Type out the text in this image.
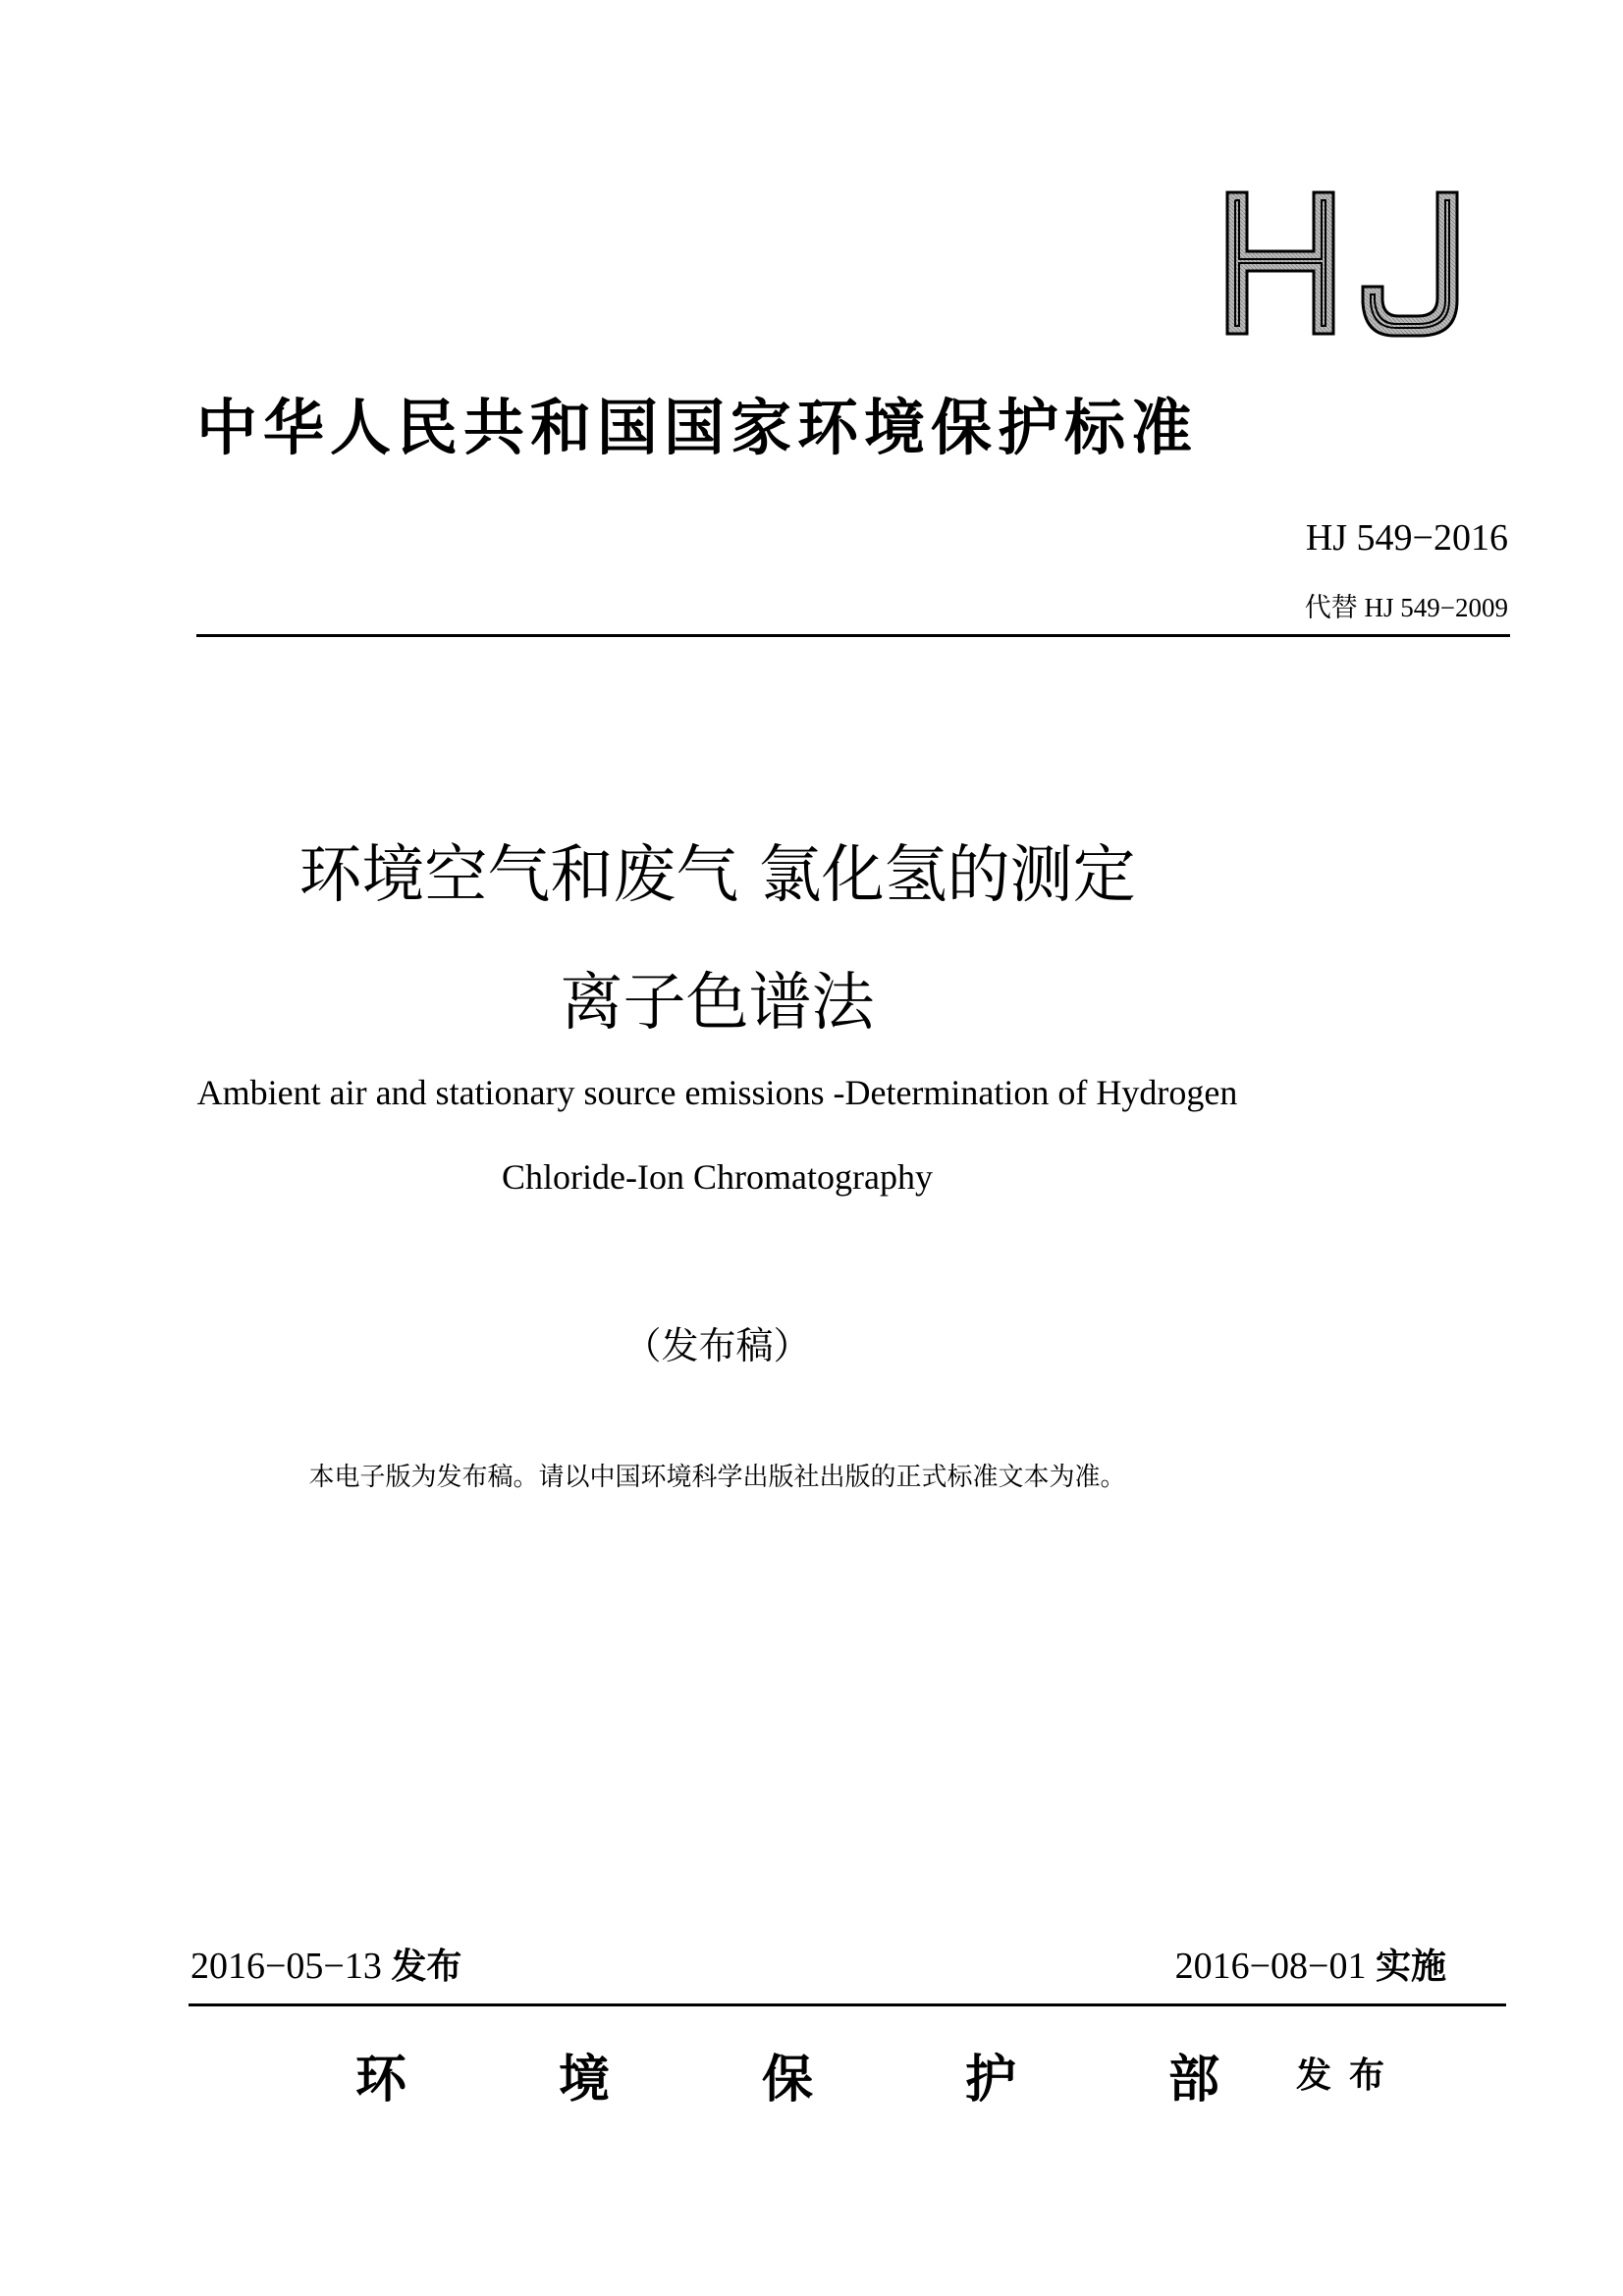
中华人民共和国国家环境保护标准
HJ 549−2016
代替 HJ 549−2009
环境空气和废气 氯化氢的测定
离子色谱法
Ambient air and stationary source emissions -Determination of Hydrogen
Chloride-Ion Chromatography
（发布稿）
本电子版为发布稿。请以中国环境科学出版社出版的正式标准文本为准。
2016−05−13 发布	2016−08−01 实施
环	境	保	护	部 发布
